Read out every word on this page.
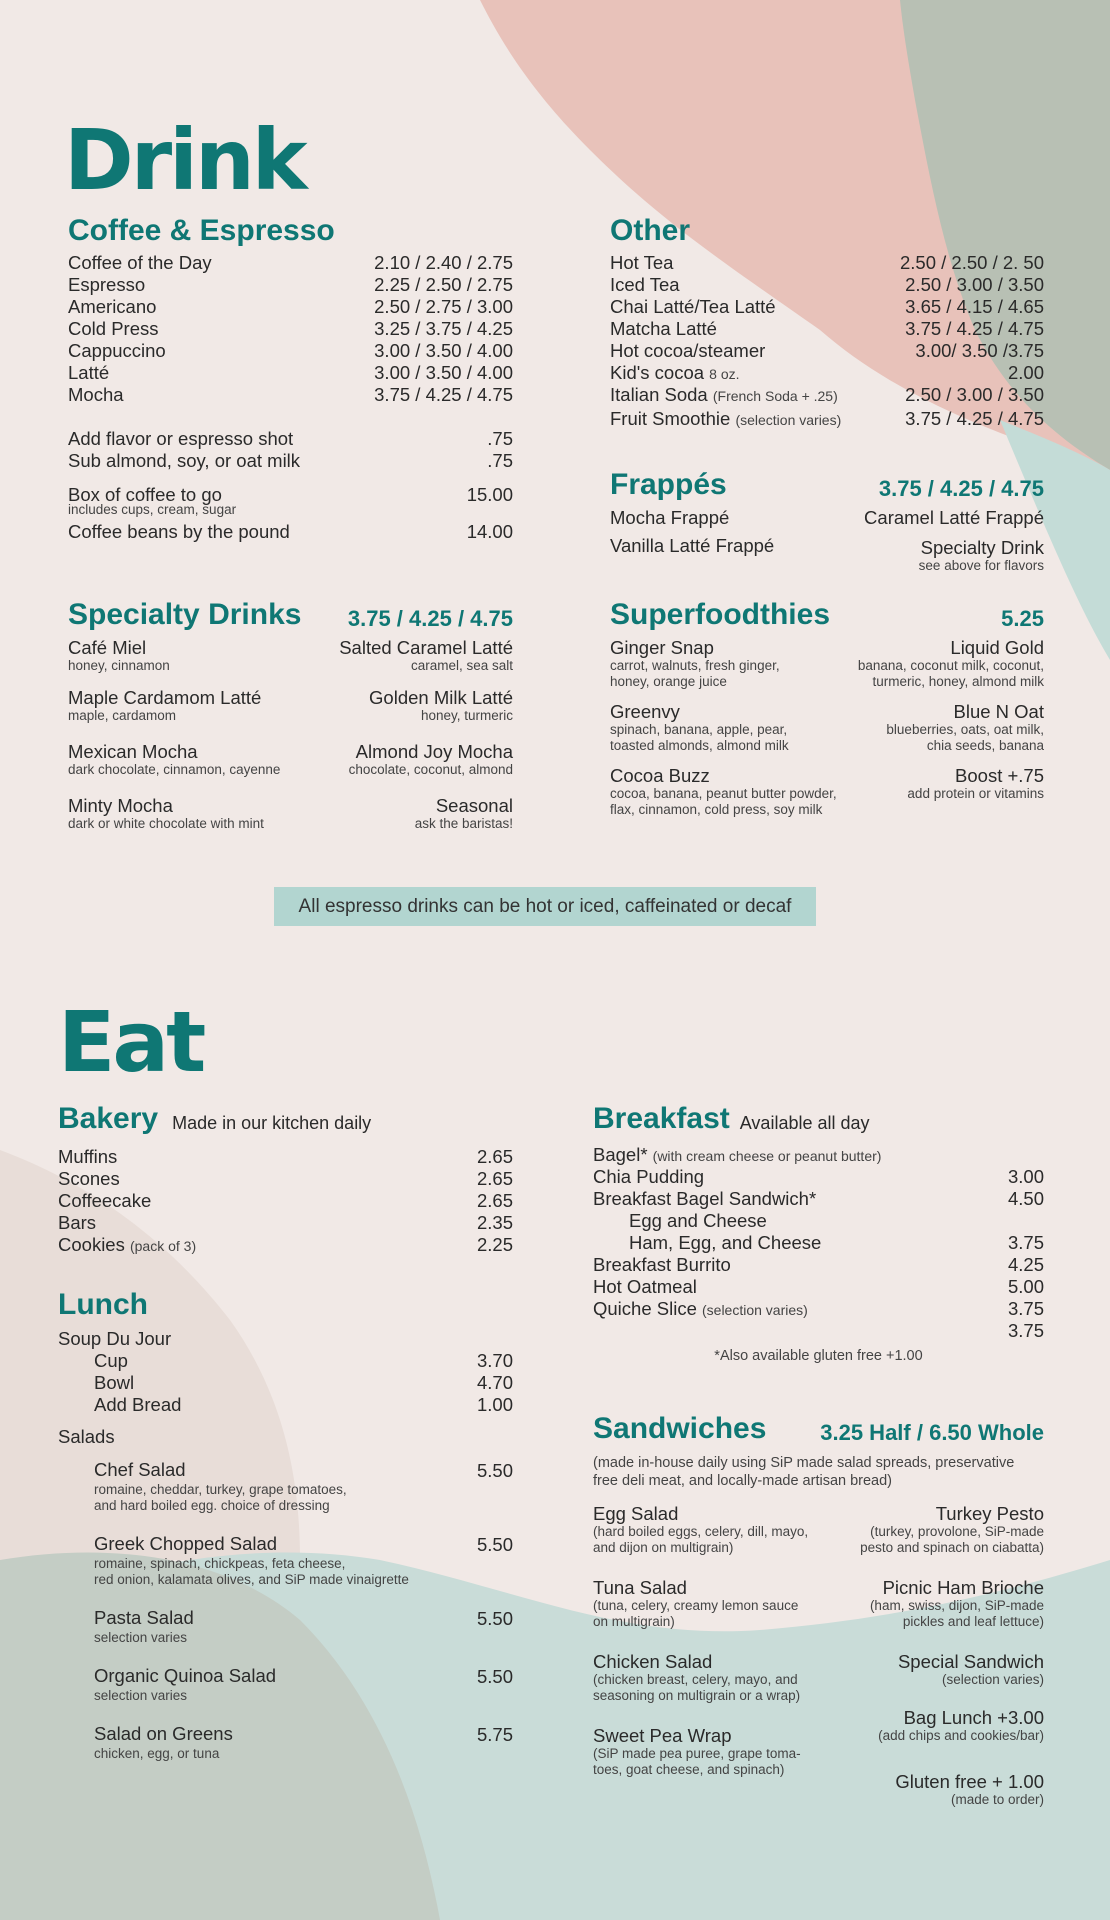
Drink
Coffee & Espresso
Coffee of the Day	2.10 / 2.40 / 2.75
Espresso	2.25 / 2.50 / 2.75
Americano	2.50 / 2.75 / 3.00
Cold Press	3.25 / 3.75 / 4.25
Cappuccino	3.00 / 3.50 / 4.00
Latté	3.00 / 3.50 / 4.00
Mocha	3.75 / 4.25 / 4.75
Add flavor or espresso shot	.75
Sub almond, soy, or oat milk	.75
Box of coffee to go	15.00
includes cups, cream, sugar
Coffee beans by the pound	14.00
Other
Hot Tea	2.50 / 2.50 / 2. 50
Iced Tea	2.50 / 3.00 / 3.50
Chai Latté/Tea Latté	3.65 / 4.15 / 4.65
Matcha Latté	3.75 / 4.25 / 4.75
Hot cocoa/steamer	3.00/ 3.50 /3.75
Kid's cocoa 8 oz.	2.00
Italian Soda (French Soda + .25)	2.50 / 3.00 / 3.50
Fruit Smoothie (selection varies)	3.75 / 4.25 / 4.75
Frappés	3.75 / 4.25 / 4.75
Mocha Frappé
Vanilla Latté Frappé
Caramel Latté Frappé
Specialty Drink
see above for flavors
Specialty Drinks 3.75 / 4.25 / 4.75
Café Miel
honey, cinnamon
Maple Cardamom Latté
maple, cardamom
Mexican Mocha
dark chocolate, cinnamon, cayenne
Minty Mocha
dark or white chocolate with mint
Salted Caramel Latté
caramel, sea salt
Golden Milk Latté
honey, turmeric
Almond Joy Mocha
chocolate, coconut, almond
Seasonal
ask the baristas!
Superfoodthies	5.25
Ginger Snap
carrot, walnuts, fresh ginger,
honey, orange juice
Greenvy
spinach, banana, apple, pear,
toasted almonds, almond milk
Cocoa Buzz
cocoa, banana, peanut butter powder,
flax, cinnamon, cold press, soy milk
Liquid Gold
banana, coconut milk, coconut,
turmeric, honey, almond milk
Blue N Oat
blueberries, oats, oat milk,
chia seeds, banana
Boost +.75
add protein or vitamins
All espresso drinks can be hot or iced, caffeinated or decaf
Eat
Bakery Made in our kitchen daily
Muffins	2.65
Scones	2.65
Coffeecake	2.65
Bars	2.35
Cookies (pack of 3)	2.25
Lunch
Soup Du Jour
Cup	3.70
Bowl	4.70
Add Bread	1.00
Salads
Chef Salad	5.50
romaine, cheddar, turkey, grape tomatoes,
and hard boiled egg. choice of dressing
Greek Chopped Salad	5.50
romaine, spinach, chickpeas, feta cheese,
red onion, kalamata olives, and SiP made vinaigrette
Pasta Salad	5.50
selection varies
Organic Quinoa Salad	5.50
selection varies
Salad on Greens	5.75
chicken, egg, or tuna
Breakfast Available all day
Bagel* (with cream cheese or peanut butter)
Chia Pudding	3.00
Breakfast Bagel Sandwich*	4.50
Egg and Cheese
Ham, Egg, and Cheese	3.75
Breakfast Burrito	4.25
Hot Oatmeal	5.00
Quiche Slice (selection varies)	3.75
3.75
*Also available gluten free +1.00
Sandwiches 3.25 Half / 6.50 Whole
(made in-house daily using SiP made salad spreads, preservative
free deli meat, and locally-made artisan bread)
Egg Salad
(hard boiled eggs, celery, dill, mayo,
and dijon on multigrain)
Tuna Salad
(tuna, celery, creamy lemon sauce
on multigrain)
Chicken Salad
(chicken breast, celery, mayo, and
seasoning on multigrain or a wrap)
Sweet Pea Wrap
(SiP made pea puree, grape toma-
toes, goat cheese, and spinach)
Turkey Pesto
(turkey, provolone, SiP-made
pesto and spinach on ciabatta)
Picnic Ham Brioche
(ham, swiss, dijon, SiP-made
pickles and leaf lettuce)
Special Sandwich
(selection varies)
Bag Lunch +3.00
(add chips and cookies/bar)
Gluten free + 1.00
(made to order)
